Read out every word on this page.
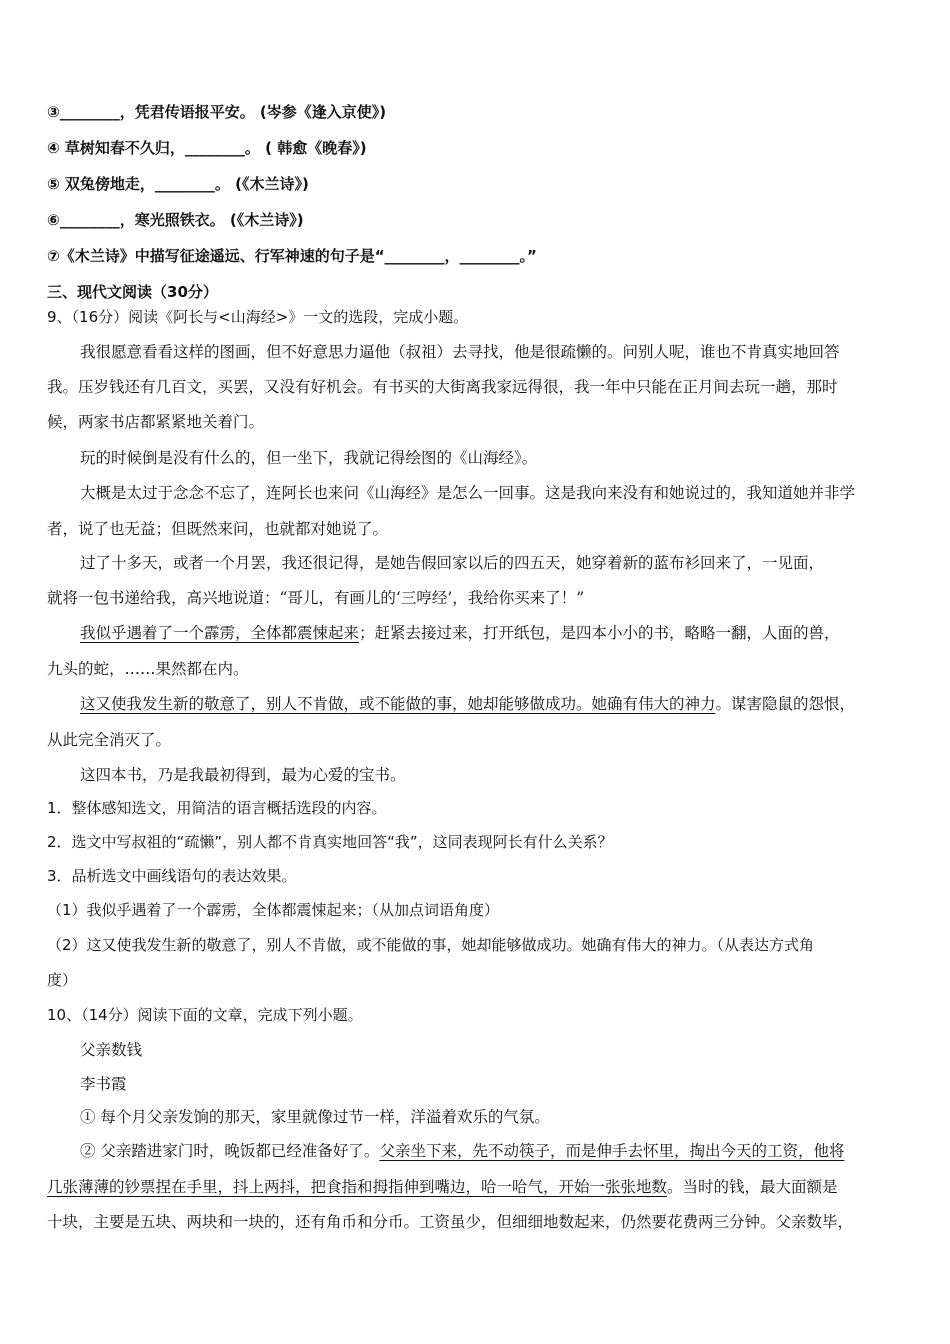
③________，凭君传语报平安。 (岑参《逢入京使》)
④ 草树知春不久归，________。 ( 韩愈《晚春》)
⑤ 双兔傍地走，________。 (《木兰诗》)
⑥________，寒光照铁衣。 (《木兰诗》)
⑦《木兰诗》中描写征途遥远、行军神速的句子是“________，________。”
三、现代文阅读（30分）
9、（16分）阅读《阿长与<山海经>》一文的选段，完成小题。
我很愿意看看这样的图画，但不好意思力逼他（叔祖）去寻找，他是很疏懒的。问别人呢，谁也不肯真实地回答
我。压岁钱还有几百文，买罢，又没有好机会。有书买的大街离我家远得很，我一年中只能在正月间去玩一趟，那时
候，两家书店都紧紧地关着门。
玩的时候倒是没有什么的，但一坐下，我就记得绘图的《山海经》。
大概是太过于念念不忘了，连阿长也来问《山海经》是怎么一回事。这是我向来没有和她说过的，我知道她并非学
者，说了也无益；但既然来问，也就都对她说了。
过了十多天，或者一个月罢，我还很记得，是她告假回家以后的四五天，她穿着新的蓝布衫回来了，一见面，
就将一包书递给我，高兴地说道：“哥儿，有画儿的‘三哼经’，我给你买来了！”
我似乎遇着了一个霹雳，全体都震悚起来；赶紧去接过来，打开纸包，是四本小小的书，略略一翻，人面的兽，
九头的蛇，……果然都在内。
这又使我发生新的敬意了，别人不肯做，或不能做的事，她却能够做成功。她确有伟大的神力。谋害隐鼠的怨恨，
从此完全消灭了。
这四本书，乃是我最初得到，最为心爱的宝书。
1．整体感知选文，用简洁的语言概括选段的内容。
2．选文中写叔祖的“疏懒”，别人都不肯真实地回答“我”，这同表现阿长有什么关系？
3．品析选文中画线语句的表达效果。
（1）我似乎遇着了一个霹雳，全体都震悚起来；（从加点词语角度）
（2）这又使我发生新的敬意了，别人不肯做，或不能做的事，她却能够做成功。她确有伟大的神力。（从表达方式角
度）
10、（14分）阅读下面的文章，完成下列小题。
父亲数钱
李书霞
① 每个月父亲发饷的那天，家里就像过节一样，洋溢着欢乐的气氛。
② 父亲踏进家门时，晚饭都已经准备好了。父亲坐下来，先不动筷子，而是伸手去怀里，掏出今天的工资，他将
几张薄薄的钞票捏在手里，抖上两抖，把食指和拇指伸到嘴边，哈一哈气，开始一张张地数。当时的钱，最大面额是
十块，主要是五块、两块和一块的，还有角币和分币。工资虽少，但细细地数起来，仍然要花费两三分钟。父亲数毕，
